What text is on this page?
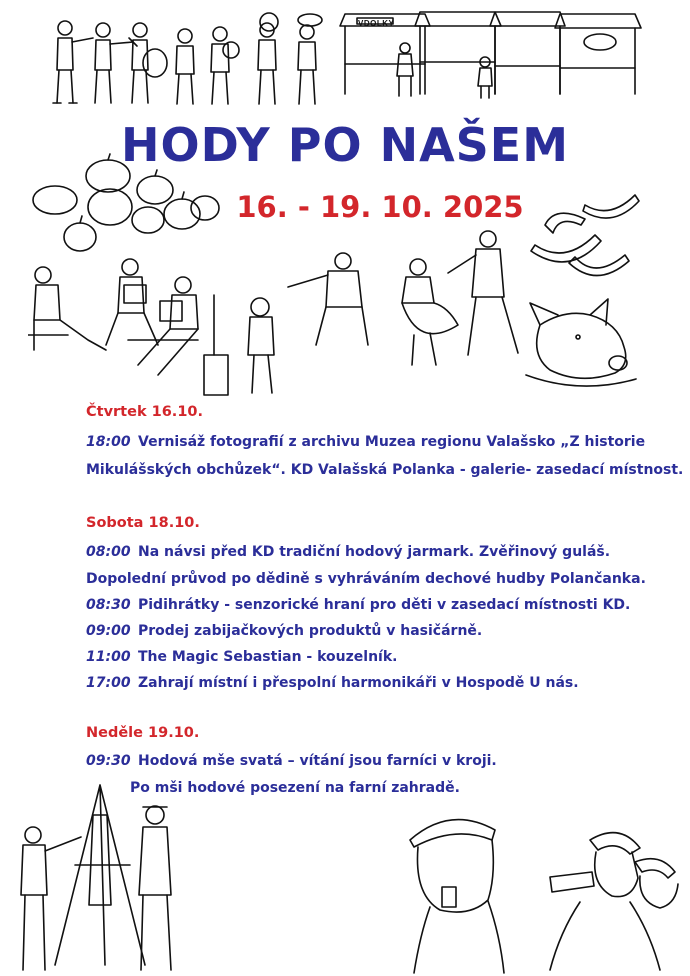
VDOLKY
HODY PO NAŠEM
16. - 19. 10. 2025
Čtvrtek 16.10.
18:00 Vernisáž fotografií z archivu Muzea regionu Valašsko „Z historie
Mikulášských obchůzek“. KD Valašská Polanka - galerie- zasedací místnost.
Sobota 18.10.
08:00 Na návsi před KD tradiční hodový jarmark. Zvěřinový guláš.
Dopolední průvod po dědině s vyhráváním dechové hudby Polančanka.
08:30 Pidihrátky - senzorické hraní pro děti v zasedací místnosti KD.
09:00 Prodej zabijačkových produktů v hasičárně.
11:00 The Magic Sebastian - kouzelník.
17:00 Zahrají místní i přespolní harmonikáři v Hospodě U nás.
Neděle 19.10.
09:30 Hodová mše svatá – vítání jsou farníci v kroji.
Po mši hodové posezení na farní zahradě.
